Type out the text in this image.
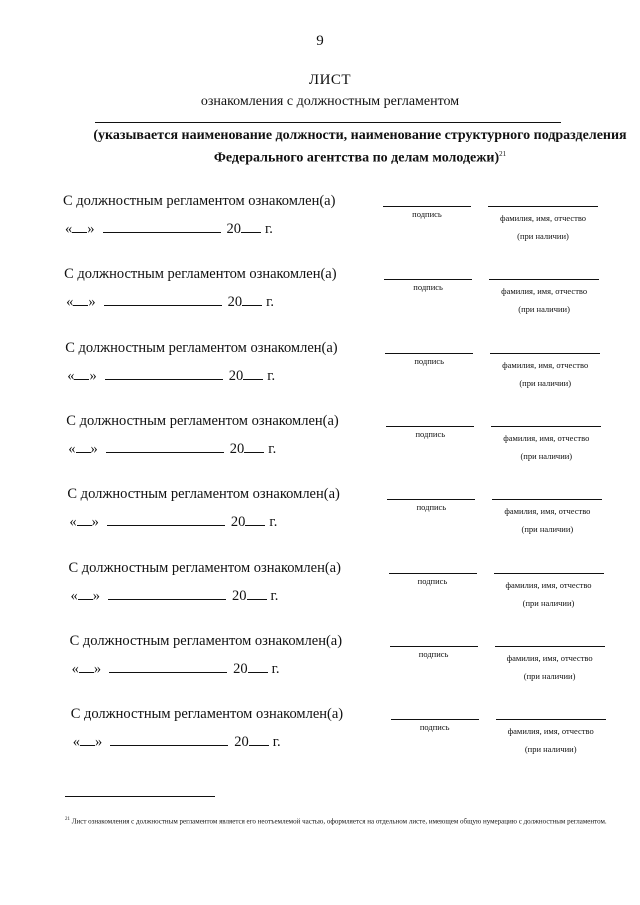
9
ЛИСТ
ознакомления с должностным регламентом
(указывается наименование должности, наименование структурного подразделения Федерального агентства по делам молодежи)$^{21}$
С должностным регламентом ознакомлен(а)
« »	20 г.
подпись	фамилия, имя, отчество
(при наличии)
С должностным регламентом ознакомлен(а)
« »	20 г.
подпись	фамилия, имя, отчество
(при наличии)
С должностным регламентом ознакомлен(а)
« »	20 г.
подпись	фамилия, имя, отчество
(при наличии)
С должностным регламентом ознакомлен(а)
« »	20 г.
подпись	фамилия, имя, отчество
(при наличии)
С должностным регламентом ознакомлен(а)
« »	20 г.
подпись	фамилия, имя, отчество
(при наличии)
С должностным регламентом ознакомлен(а)
« »	20 г.
подпись	фамилия, имя, отчество
(при наличии)
С должностным регламентом ознакомлен(а)
« »	20 г.
подпись	фамилия, имя, отчество
(при наличии)
С должностным регламентом ознакомлен(а)
« »	20 г.
подпись	фамилия, имя, отчество
(при наличии)
$^{21}$ Лист ознакомления с должностным регламентом является его неотъемлемой частью, оформляется на отдельном листе, имеющем общую нумерацию с должностным регламентом.
